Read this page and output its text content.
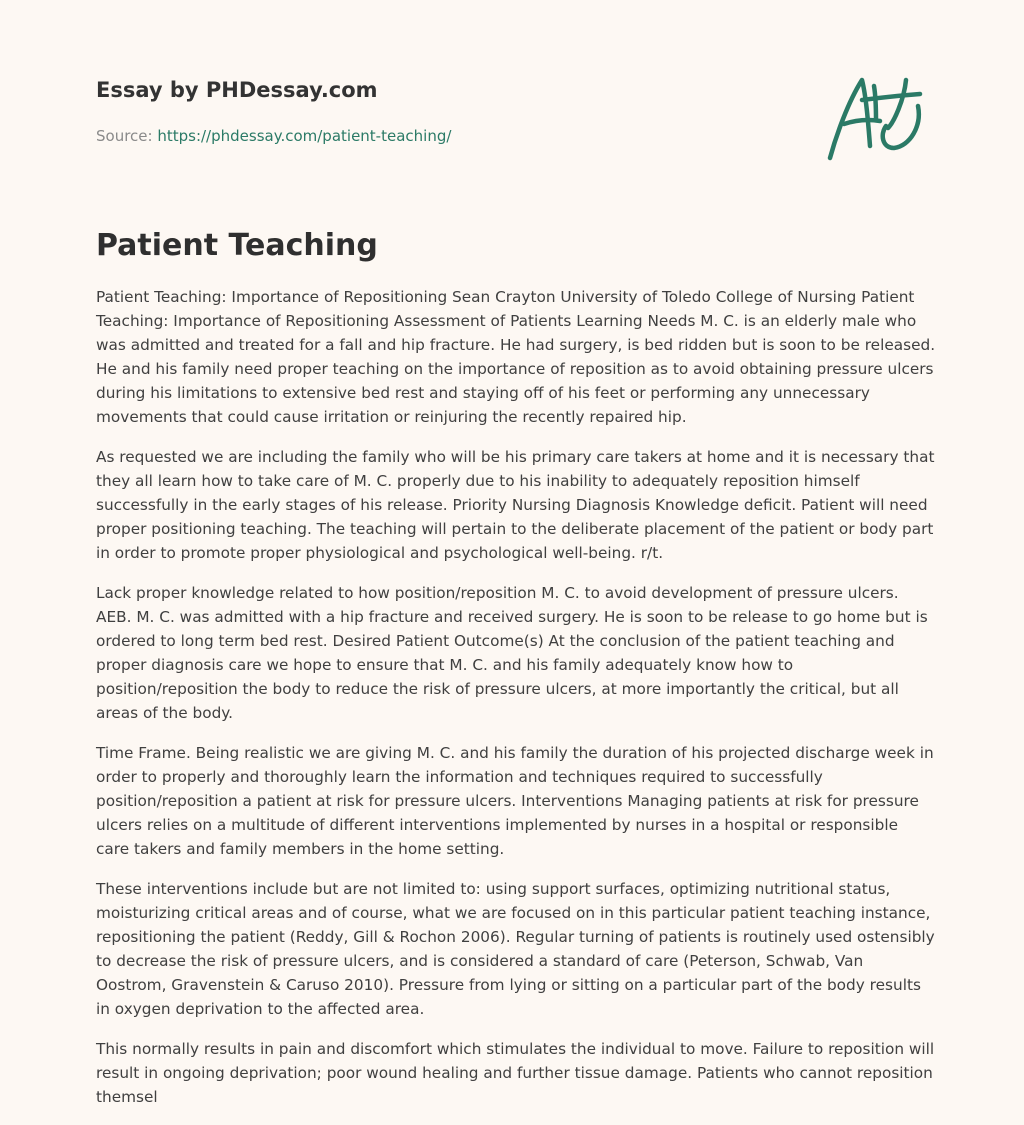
Essay by PHDessay.com
Source: https://phdessay.com/patient-teaching/
Patient Teaching

Patient Teaching: Importance of Repositioning Sean Crayton University of Toledo College of Nursing Patient Teaching: Importance of Repositioning Assessment of Patients Learning Needs M. C. is an elderly male who was admitted and treated for a fall and hip fracture. He had surgery, is bed ridden but is soon to be released. He and his family need proper teaching on the importance of reposition as to avoid obtaining pressure ulcers during his limitations to extensive bed rest and staying off of his feet or performing any unnecessary movements that could cause irritation or reinjuring the recently repaired hip.

As requested we are including the family who will be his primary care takers at home and it is necessary that they all learn how to take care of M. C. properly due to his inability to adequately reposition himself successfully in the early stages of his release. Priority Nursing Diagnosis Knowledge deficit. Patient will need proper positioning teaching. The teaching will pertain to the deliberate placement of the patient or body part in order to promote proper physiological and psychological well-being. r/t.

Lack proper knowledge related to how position/reposition M. C. to avoid development of pressure ulcers. AEB. M. C. was admitted with a hip fracture and received surgery. He is soon to be release to go home but is ordered to long term bed rest. Desired Patient Outcome(s) At the conclusion of the patient teaching and proper diagnosis care we hope to ensure that M. C. and his family adequately know how to position/reposition the body to reduce the risk of pressure ulcers, at more importantly the critical, but all areas of the body.

Time Frame. Being realistic we are giving M. C. and his family the duration of his projected discharge week in order to properly and thoroughly learn the information and techniques required to successfully position/reposition a patient at risk for pressure ulcers. Interventions Managing patients at risk for pressure ulcers relies on a multitude of different interventions implemented by nurses in a hospital or responsible care takers and family members in the home setting.

These interventions include but are not limited to: using support surfaces, optimizing nutritional status, moisturizing critical areas and of course, what we are focused on in this particular patient teaching instance, repositioning the patient (Reddy, Gill & Rochon 2006). Regular turning of patients is routinely used ostensibly to decrease the risk of pressure ulcers, and is considered a standard of care (Peterson, Schwab, Van Oostrom, Gravenstein & Caruso 2010). Pressure from lying or sitting on a particular part of the body results in oxygen deprivation to the affected area.

This normally results in pain and discomfort which stimulates the individual to move. Failure to reposition will result in ongoing deprivation; poor wound healing and further tissue damage. Patients who cannot reposition themsel
